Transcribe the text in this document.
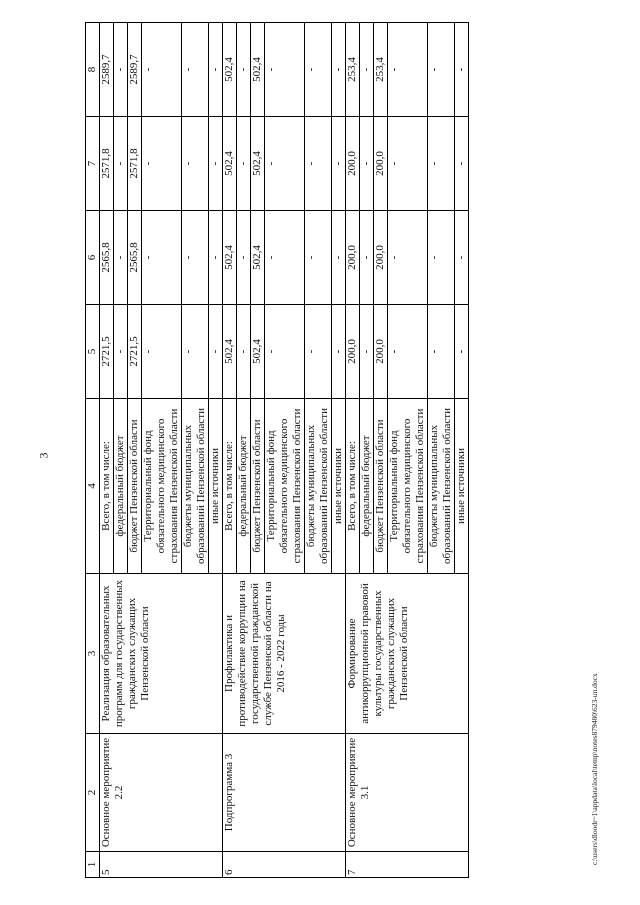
3
1	2	3	4	5	6	7	8
5	Основное мероприятие 2.2	Реализация образовательных программ для государственных гражданских служащих Пензенской области	Всего, в том числе:	2721,5	2565,8	2571,8	2589,7
			федеральный бюджет	-	-	-	-
			бюджет Пензенской области	2721,5	2565,8	2571,8	2589,7
			Территориальный фонд обязательного медицинского страхования Пензенской области	-	-	-	-
			бюджеты муниципальных образований Пензенской области	-	-	-	-
			иные источники	-	-	-	-
6	Подпрограмма 3	Профилактика и противодействие коррупции на государственной гражданской службе Пензенской области на 2016 - 2022 годы	Всего, в том числе:	502,4	502,4	502,4	502,4
			федеральный бюджет	-	-	-	-
			бюджет Пензенской области	502,4	502,4	502,4	502,4
			Территориальный фонд обязательного медицинского страхования Пензенской области	-	-	-	-
			бюджеты муниципальных образований Пензенской области	-	-	-	-
			иные источники	-	-	-	-
7	Основное мероприятие 3.1	Формирование антикоррупционной правовой культуры государственных гражданских служащих Пензенской области	Всего, в том числе:	200,0	200,0	200,0	253,4
			федеральный бюджет	-	-	-	-
			бюджет Пензенской области	200,0	200,0	200,0	253,4
			Территориальный фонд обязательного медицинского страхования Пензенской области	-	-	-	-
			бюджеты муниципальных образований Пензенской области	-	-	-	-
			иные источники	-	-	-	-
c:\users\dloodr~1\appdata\local\temp\notes879480\623-un.docx
